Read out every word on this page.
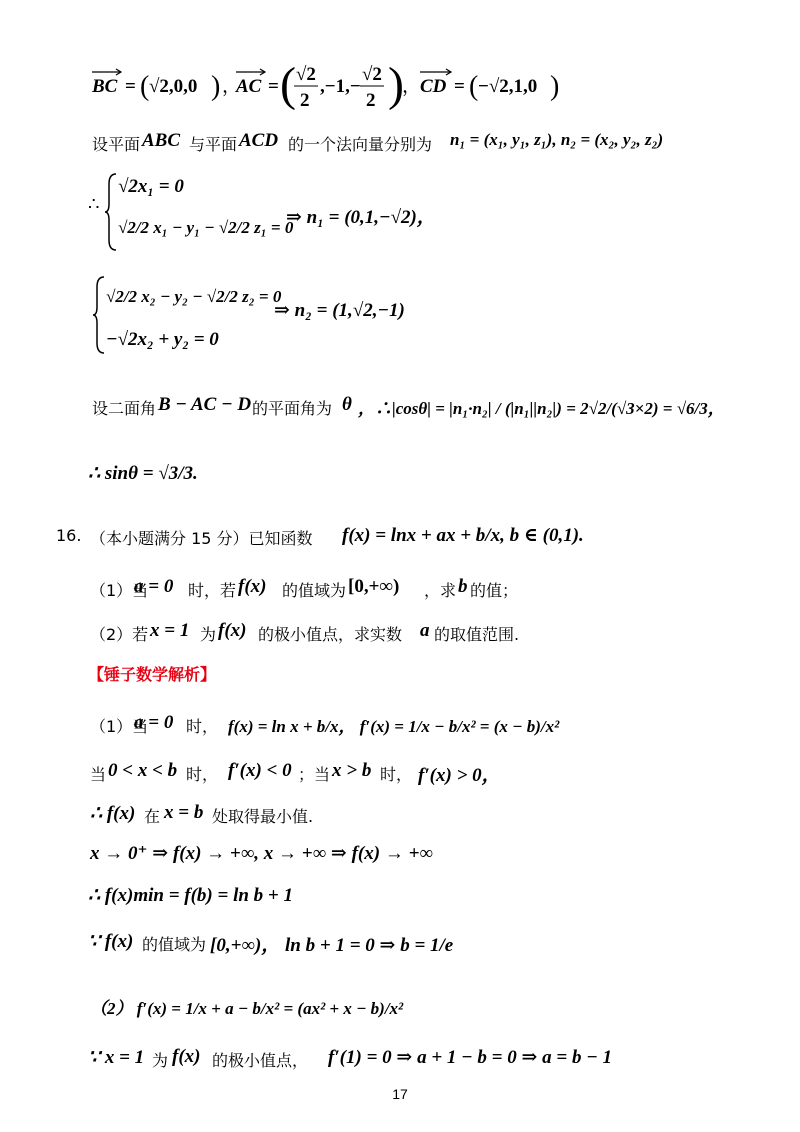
BC = ( √2,0,0 ) ，
AC = ( √2
2
,−1,−
√2
2 )
，
CD = ( −√2,1,0 )
设平面 ABC 与平面 ACD 的一个法向量分别为 n₁ = (x₁, y₁, z₁), n₂ = (x₂, y₂, z₂)
∴
√2x₁ = 0
√2/2 x₁ − y₁ − √2/2 z₁ = 0
⇒ n₁ = (0,1,−√2)，
√2/2 x₂ − y₂ − √2/2 z₂ = 0
−√2x₂ + y₂ = 0
⇒ n₂ = (1,√2,−1)
设二面角 B − AC − D 的平面角为 θ ，∴|cosθ| = |n₁·n₂| / (|n₁||n₂|) = 2√2/(√3×2) = √6/3，
∴ sinθ = √3/3.
16. （本小题满分 15 分）已知函数 f(x) = lnx + ax + b/x, b ∈ (0,1).
（1）当
a = 0 时，若 f(x) 的值域为 [0,+∞) ，求 b 的值；
（2）若 x = 1 为 f(x) 的极小值点，求实数 a 的取值范围.
【锤子数学解析】
（1）当
a = 0 时， f(x) = ln x + b/x， f′(x) = 1/x − b/x² = (x − b)/x²
当 0 < x < b 时， f′(x) < 0 ；当 x > b 时， f′(x) > 0，
∴ f(x) 在 x = b 处取得最小值.
x → 0⁺ ⇒ f(x) → +∞, x → +∞ ⇒ f(x) → +∞
∴ f(x)min = f(b) = ln b + 1
∵ f(x) 的值域为 [0,+∞)， ln b + 1 = 0 ⇒ b = 1/e
（2） f′(x) = 1/x + a − b/x² = (ax² + x − b)/x²
∵ x = 1 为 f(x) 的极小值点， f′(1) = 0 ⇒ a + 1 − b = 0 ⇒ a = b − 1
17
